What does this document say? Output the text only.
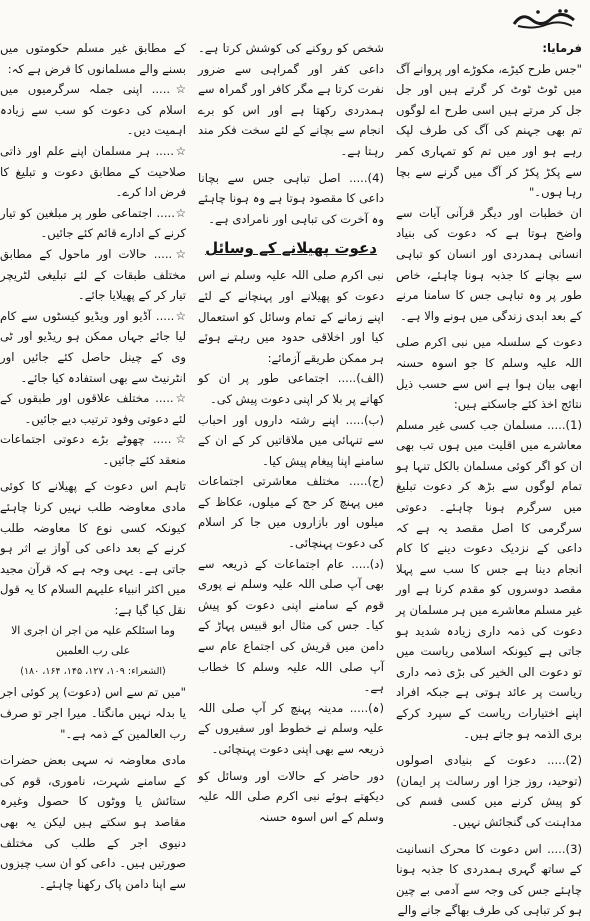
فرمایا:

"جس طرح کیڑے، مکوڑے اور پروانے آگ میں ٹوٹ ٹوٹ کر گرتے ہیں اور جل جل کر مرتے ہیں اسی طرح اے لوگوں تم بھی جہنم کی آگ کی طرف لپک رہے ہو اور میں تم کو تمہاری کمر سے پکڑ پکڑ کر آگ میں گرنے سے بچا رہا ہوں۔"

ان خطبات اور دیگر قرآنی آیات سے واضح ہوتا ہے کہ دعوت کی بنیاد انسانی ہمدردی اور انسان کو تباہی سے بچانے کا جذبہ ہونا چاہئے، خاص طور پر وہ تباہی جس کا سامنا مرنے کے بعد ابدی زندگی میں ہونے والا ہے۔

دعوت کے سلسلہ میں نبی اکرم صلی اللہ علیہ وسلم کا جو اسوہ حسنہ ابھی بیان ہوا ہے اس سے حسب ذیل نتائج اخذ کئے جاسکتے ہیں:

(1)..... مسلمان جب کسی غیر مسلم معاشرے میں اقلیت میں ہوں تب بھی ان کو اگر کوئی مسلمان بالکل تنہا ہو تمام لوگوں سے بڑھ کر دعوت تبلیغ میں سرگرم ہونا چاہئے۔ دعوتی سرگرمی کا اصل مقصد یہ ہے کہ داعی کے نزدیک دعوت دینے کا کام انجام دینا ہے جس کا سب سے پہلا مقصد دوسروں کو مقدم کرنا ہے اور غیر مسلم معاشرے میں ہر مسلمان پر دعوت کی ذمہ داری زیادہ شدید ہو جاتی ہے کیونکہ اسلامی ریاست میں تو دعوت الی الخیر کی بڑی ذمہ داری ریاست پر عائد ہوتی ہے جبکہ افراد اپنے اختیارات ریاست کے سپرد کرکے بری الذمہ ہو جاتے ہیں۔

(2)..... دعوت کے بنیادی اصولوں (توحید، روز جزا اور رسالت پر ایمان) کو پیش کرنے میں کسی قسم کی مداہنت کی گنجائش نہیں۔

(3)..... اس دعوت کا محرک انسانیت کے ساتھ گہری ہمدردی کا جذبہ ہونا چاہئے جس کی وجہ سے آدمی بے چین ہو کر تباہی کی طرف بھاگے جانے والے

شخص کو روکنے کی کوشش کرتا ہے۔ داعی کفر اور گمراہی سے ضرور نفرت کرتا ہے مگر کافر اور گمراہ سے ہمدردی رکھتا ہے اور اس کو برے انجام سے بچانے کے لئے سخت فکر مند رہتا ہے۔

(4)..... اصل تباہی جس سے بچانا داعی کا مقصود ہوتا ہے وہ ہونا چاہئے وہ آخرت کی تباہی اور نامرادی ہے۔

دعوت پھیلانے کے وسائل

نبی اکرم صلی اللہ علیہ وسلم نے اس دعوت کو پھیلانے اور پہنچانے کے لئے اپنے زمانے کے تمام وسائل کو استعمال کیا اور اخلاقی حدود میں رہتے ہوئے ہر ممکن طریقے آزمائے:

(الف)..... اجتماعی طور پر ان کو کھانے پر بلا کر اپنی دعوت پیش کی۔

(ب)..... اپنے رشتہ داروں اور احباب سے تنہائی میں ملاقاتیں کر کے ان کے سامنے اپنا پیغام پیش کیا۔

(ج)..... مختلف معاشرتی اجتماعات میں پہنچ کر حج کے میلوں، عکاظ کے میلوں اور بازاروں میں جا کر اسلام کی دعوت پہنچائی۔

(د)..... عام اجتماعات کے ذریعہ سے بھی آپ صلی اللہ علیہ وسلم نے پوری قوم کے سامنے اپنی دعوت کو پیش کیا۔ جس کی مثال ابو قبیس پہاڑ کے دامن میں قریش کی اجتماع عام سے آپ صلی اللہ علیہ وسلم کا خطاب ہے۔

(ہ)..... مدینہ پہنچ کر آپ صلی اللہ علیہ وسلم نے خطوط اور سفیروں کے ذریعہ سے بھی اپنی دعوت پہنچائی۔

دور حاضر کے حالات اور وسائل کو دیکھتے ہوئے نبی اکرم صلی اللہ علیہ وسلم کے اس اسوہ حسنہ

کے مطابق غیر مسلم حکومتوں میں بسنے والے مسلمانوں کا فرض ہے کہ:

☆..... اپنی جملہ سرگرمیوں میں اسلام کی دعوت کو سب سے زیادہ اہمیت دیں۔

☆..... ہر مسلمان اپنے علم اور ذاتی صلاحیت کے مطابق دعوت و تبلیغ کا فرض ادا کرے۔

☆..... اجتماعی طور پر مبلغین کو تیار کرنے کے ادارے قائم کئے جائیں۔

☆..... حالات اور ماحول کے مطابق مختلف طبقات کے لئے تبلیغی لٹریچر تیار کر کے پھیلایا جائے۔

☆..... آڈیو اور ویڈیو کیسٹوں سے کام لیا جائے جہاں ممکن ہو ریڈیو اور ٹی وی کے چینل حاصل کئے جائیں اور انٹرنیٹ سے بھی استفادہ کیا جائے۔

☆..... مختلف علاقوں اور طبقوں کے لئے دعوتی وفود ترتیب دیے جائیں۔

☆..... چھوٹے بڑے دعوتی اجتماعات منعقد کئے جائیں۔

تاہم اس دعوت کے پھیلانے کا کوئی مادی معاوضہ طلب نہیں کرنا چاہئے کیونکہ کسی نوع کا معاوضہ طلب کرنے کے بعد داعی کی آواز بے اثر ہو جاتی ہے۔ یہی وجہ ہے کہ قرآن مجید میں اکثر انبیاء علیہم السلام کا یہ قول نقل کیا گیا ہے:

وما اسئلکم علیہ من اجر ان اجری الا علی رب العلمین

(الشعراء: ۱۰۹، ۱۲۷، ۱۴۵، ۱۶۴، ۱۸۰)

"میں تم سے اس (دعوت) پر کوئی اجر یا بدلہ نہیں مانگتا۔ میرا اجر تو صرف رب العالمین کے ذمہ ہے۔"

مادی معاوضہ نہ سہی بعض حضرات کے سامنے شہرت، ناموری، قوم کی ستائش یا ووٹوں کا حصول وغیرہ مقاصد ہو سکتے ہیں لیکن یہ بھی دنیوی اجر کے طلب کی مختلف صورتیں ہیں۔ داعی کو ان سب چیزوں سے اپنا دامن پاک رکھنا چاہئے۔
